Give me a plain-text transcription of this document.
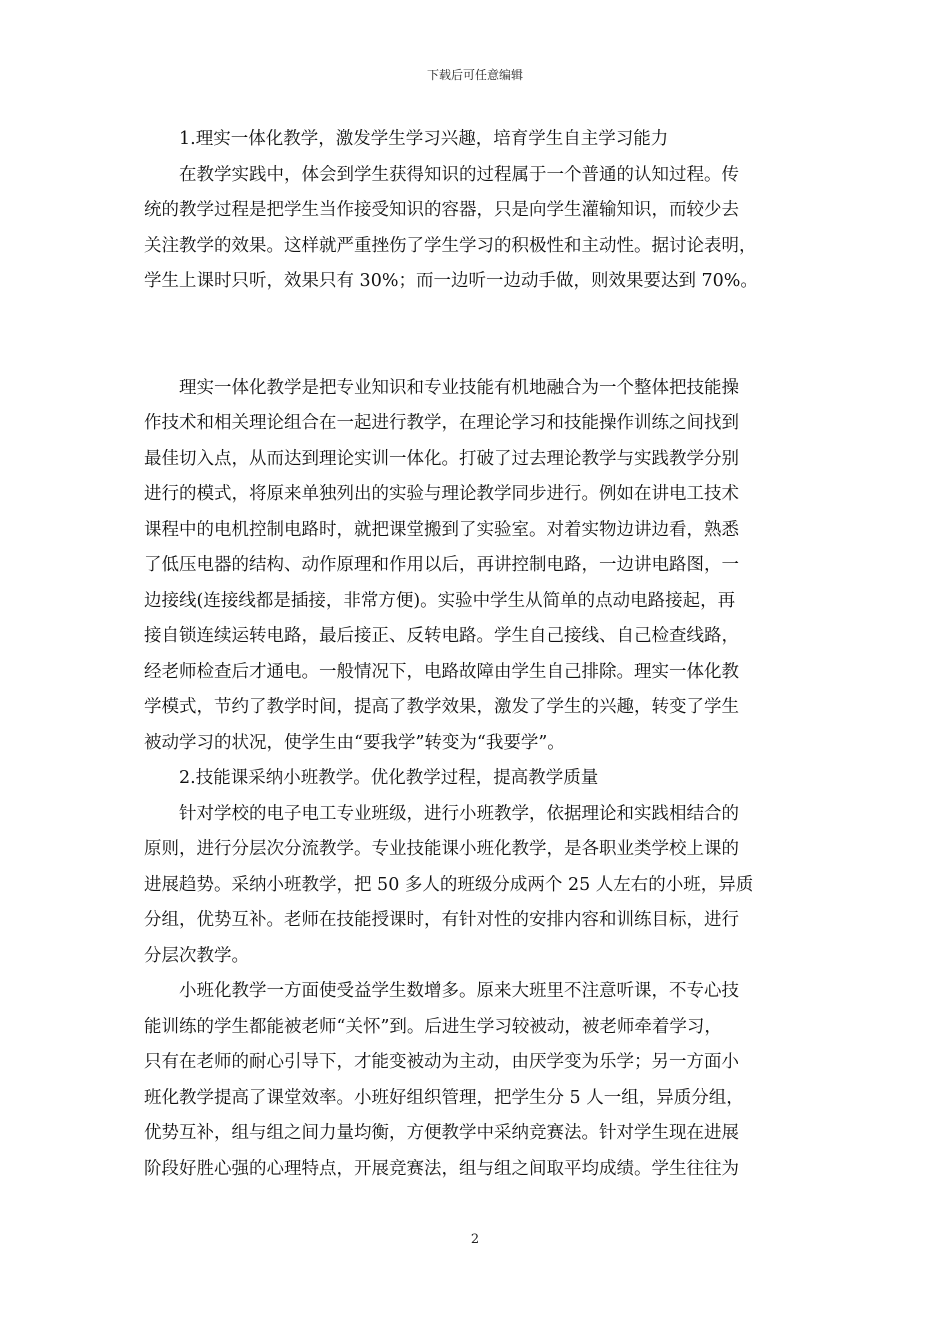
下载后可任意编辑
　　1.理实一体化教学，激发学生学习兴趣，培育学生自主学习能力
　　在教学实践中，体会到学生获得知识的过程属于一个普通的认知过程。传
统的教学过程是把学生当作接受知识的容器，只是向学生灌输知识，而较少去
关注教学的效果。这样就严重挫伤了学生学习的积极性和主动性。据讨论表明，
学生上课时只听，效果只有 30%；而一边听一边动手做，则效果要达到 70%。
　　理实一体化教学是把专业知识和专业技能有机地融合为一个整体把技能操
作技术和相关理论组合在一起进行教学，在理论学习和技能操作训练之间找到
最佳切入点，从而达到理论实训一体化。打破了过去理论教学与实践教学分别
进行的模式，将原来单独列出的实验与理论教学同步进行。例如在讲电工技术
课程中的电机控制电路时，就把课堂搬到了实验室。对着实物边讲边看，熟悉
了低压电器的结构、动作原理和作用以后，再讲控制电路，一边讲电路图，一
边接线(连接线都是插接，非常方便)。实验中学生从简单的点动电路接起，再
接自锁连续运转电路，最后接正、反转电路。学生自己接线、自己检查线路，
经老师检查后才通电。一般情况下，电路故障由学生自己排除。理实一体化教
学模式，节约了教学时间，提高了教学效果，激发了学生的兴趣，转变了学生
被动学习的状况，使学生由“要我学”转变为“我要学”。
　　2.技能课采纳小班教学。优化教学过程，提高教学质量
　　针对学校的电子电工专业班级，进行小班教学，依据理论和实践相结合的
原则，进行分层次分流教学。专业技能课小班化教学，是各职业类学校上课的
进展趋势。采纳小班教学，把 50 多人的班级分成两个 25 人左右的小班，异质
分组，优势互补。老师在技能授课时，有针对性的安排内容和训练目标，进行
分层次教学。
　　小班化教学一方面使受益学生数增多。原来大班里不注意听课，不专心技
能训练的学生都能被老师“关怀”到。后进生学习较被动，被老师牵着学习，
只有在老师的耐心引导下，才能变被动为主动，由厌学变为乐学；另一方面小
班化教学提高了课堂效率。小班好组织管理，把学生分 5 人一组，异质分组，
优势互补，组与组之间力量均衡，方便教学中采纳竞赛法。针对学生现在进展
阶段好胜心强的心理特点，开展竞赛法，组与组之间取平均成绩。学生往往为
2
